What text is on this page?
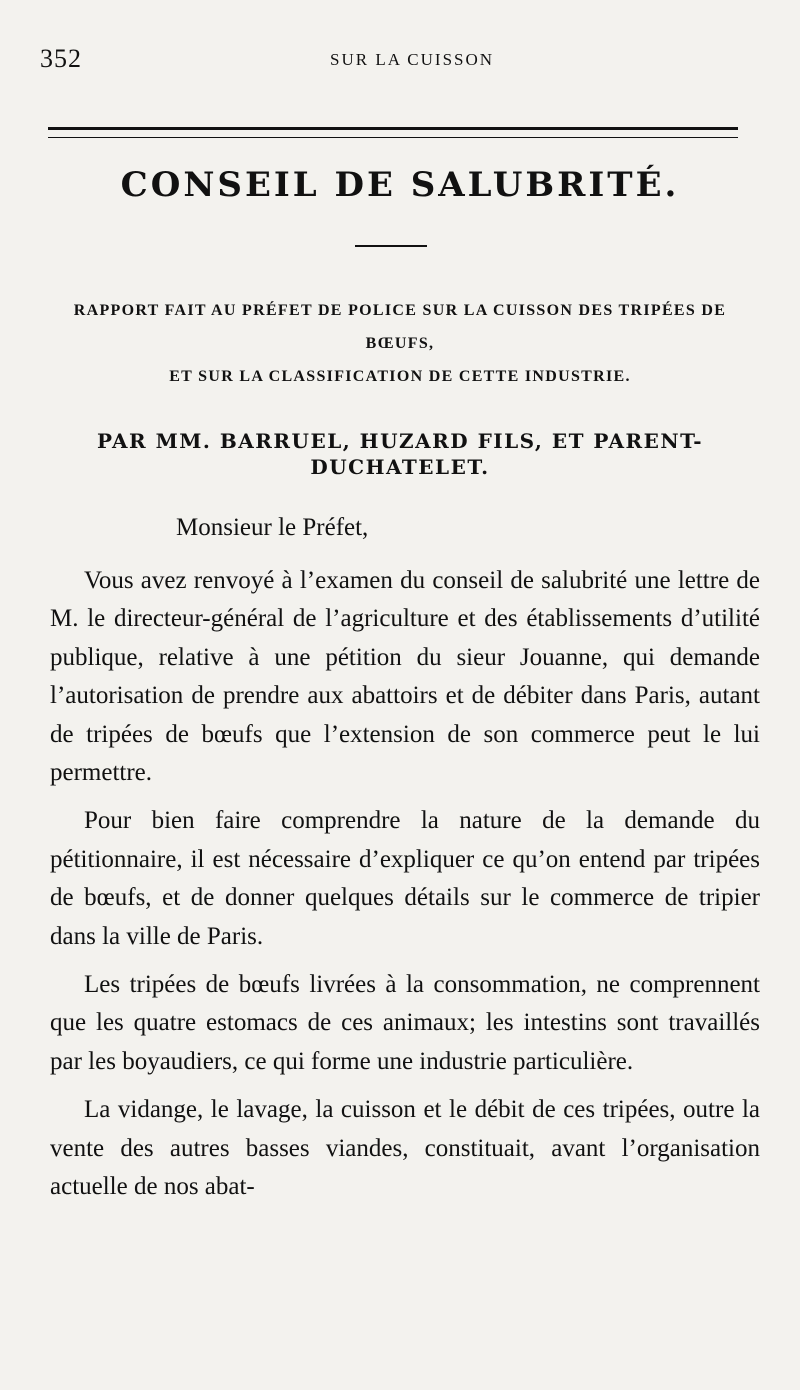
352	SUR LA CUISSON
CONSEIL DE SALUBRITÉ.
RAPPORT FAIT AU PRÉFET DE POLICE SUR LA CUISSON DES TRIPÉES DE BŒUFS,
ET SUR LA CLASSIFICATION DE CETTE INDUSTRIE.
PAR MM. BARRUEL, HUZARD FILS, ET PARENT-DUCHATELET.
Monsieur le Préfet,

Vous avez renvoyé à l’examen du conseil de salubrité une lettre de M. le directeur-général de l’agriculture et des établissements d’utilité publique, relative à une pétition du sieur Jouanne, qui demande l’autorisation de prendre aux abattoirs et de débiter dans Paris, autant de tripées de bœufs que l’extension de son commerce peut le lui permettre.

Pour bien faire comprendre la nature de la demande du pétitionnaire, il est nécessaire d’expliquer ce qu’on entend par tripées de bœufs, et de donner quelques détails sur le commerce de tripier dans la ville de Paris.

Les tripées de bœufs livrées à la consommation, ne comprennent que les quatre estomacs de ces animaux; les intestins sont travaillés par les boyaudiers, ce qui forme une industrie particulière.

La vidange, le lavage, la cuisson et le débit de ces tripées, outre la vente des autres basses viandes, constituait, avant l’organisation actuelle de nos abat-
